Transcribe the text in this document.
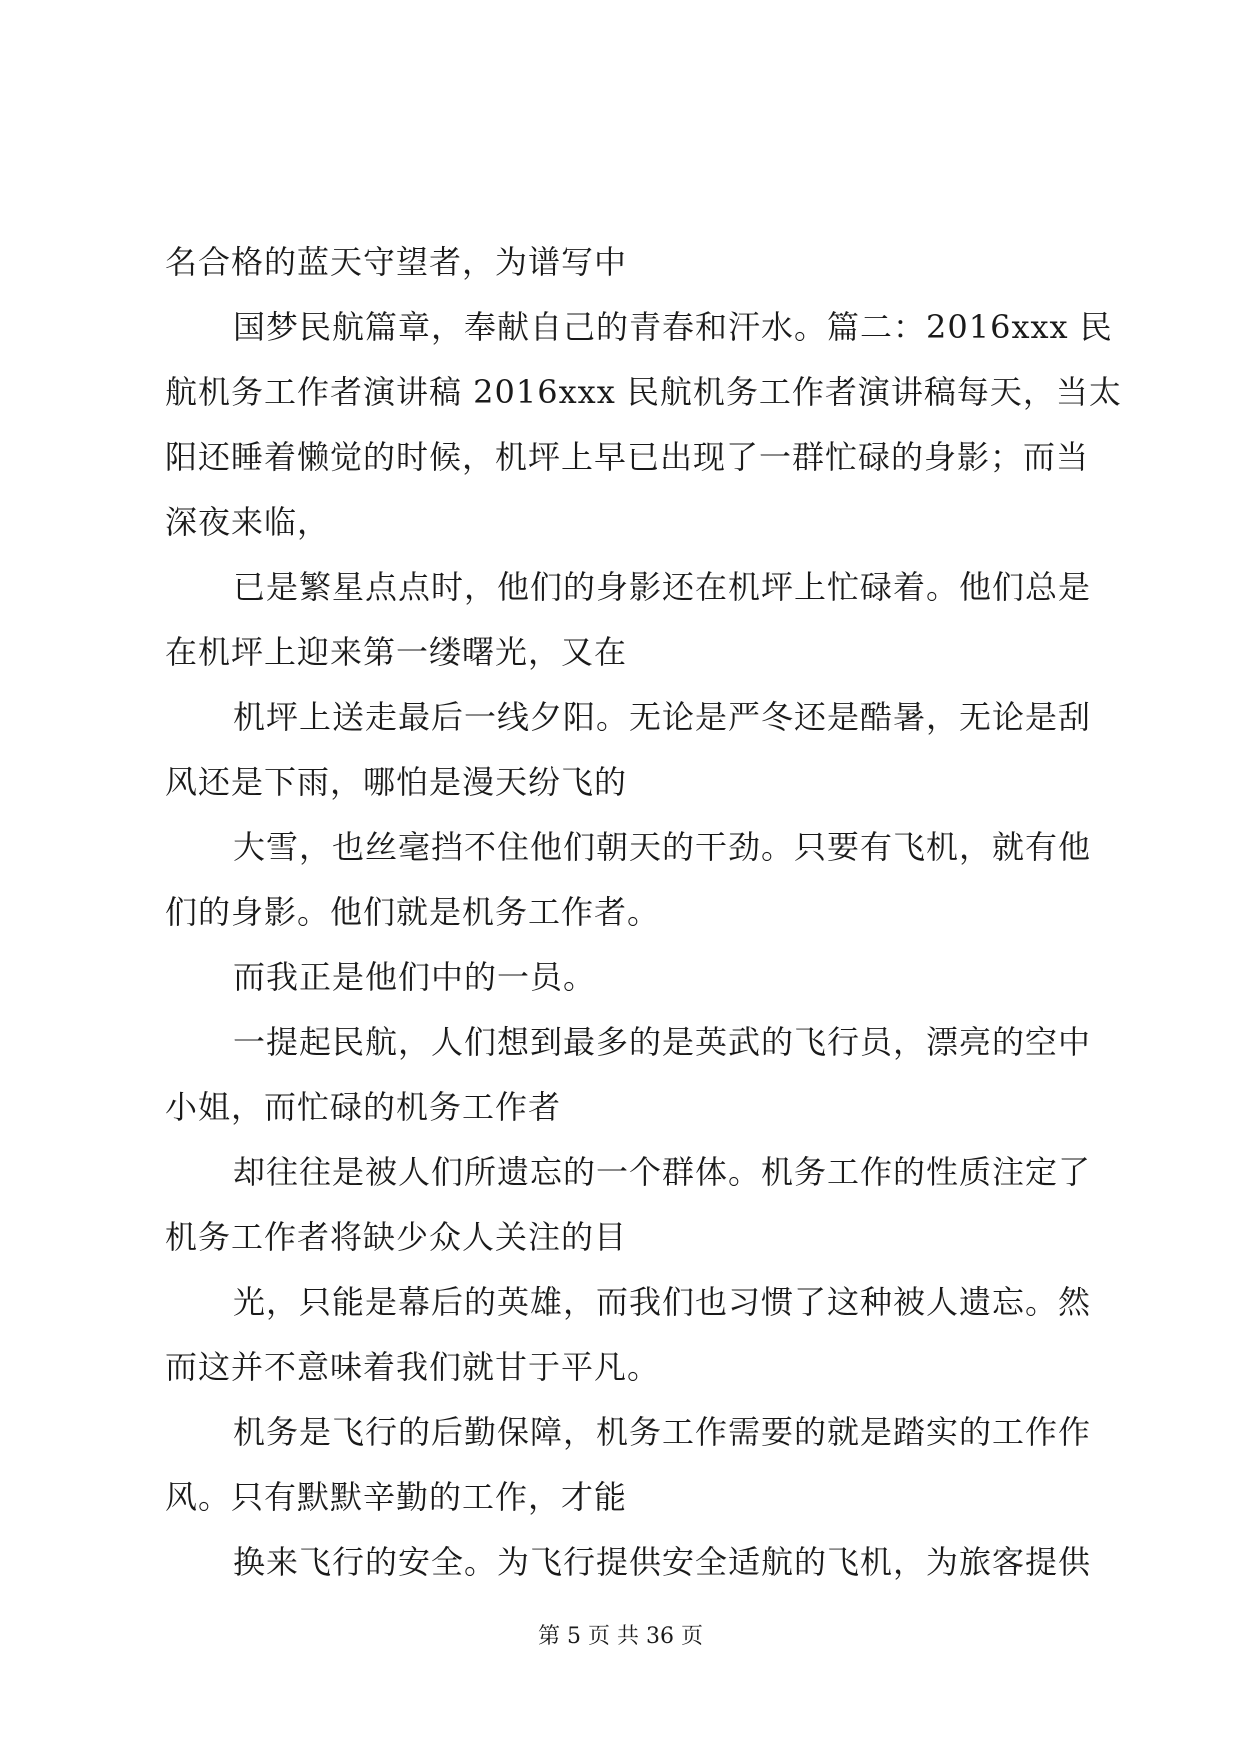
名合格的蓝天守望者，为谱写中
国梦民航篇章，奉献自己的青春和汗水。篇二：2016xxx 民
航机务工作者演讲稿 2016xxx 民航机务工作者演讲稿每天，当太
阳还睡着懒觉的时候，机坪上早已出现了一群忙碌的身影；而当
深夜来临，
已是繁星点点时，他们的身影还在机坪上忙碌着。他们总是
在机坪上迎来第一缕曙光，又在
机坪上送走最后一线夕阳。无论是严冬还是酷暑，无论是刮
风还是下雨，哪怕是漫天纷飞的
大雪，也丝毫挡不住他们朝天的干劲。只要有飞机，就有他
们的身影。他们就是机务工作者。
而我正是他们中的一员。
一提起民航，人们想到最多的是英武的飞行员，漂亮的空中
小姐，而忙碌的机务工作者
却往往是被人们所遗忘的一个群体。机务工作的性质注定了
机务工作者将缺少众人关注的目
光，只能是幕后的英雄，而我们也习惯了这种被人遗忘。然
而这并不意味着我们就甘于平凡。
机务是飞行的后勤保障，机务工作需要的就是踏实的工作作
风。只有默默辛勤的工作，才能
换来飞行的安全。为飞行提供安全适航的飞机，为旅客提供
第 5 页 共 36 页
